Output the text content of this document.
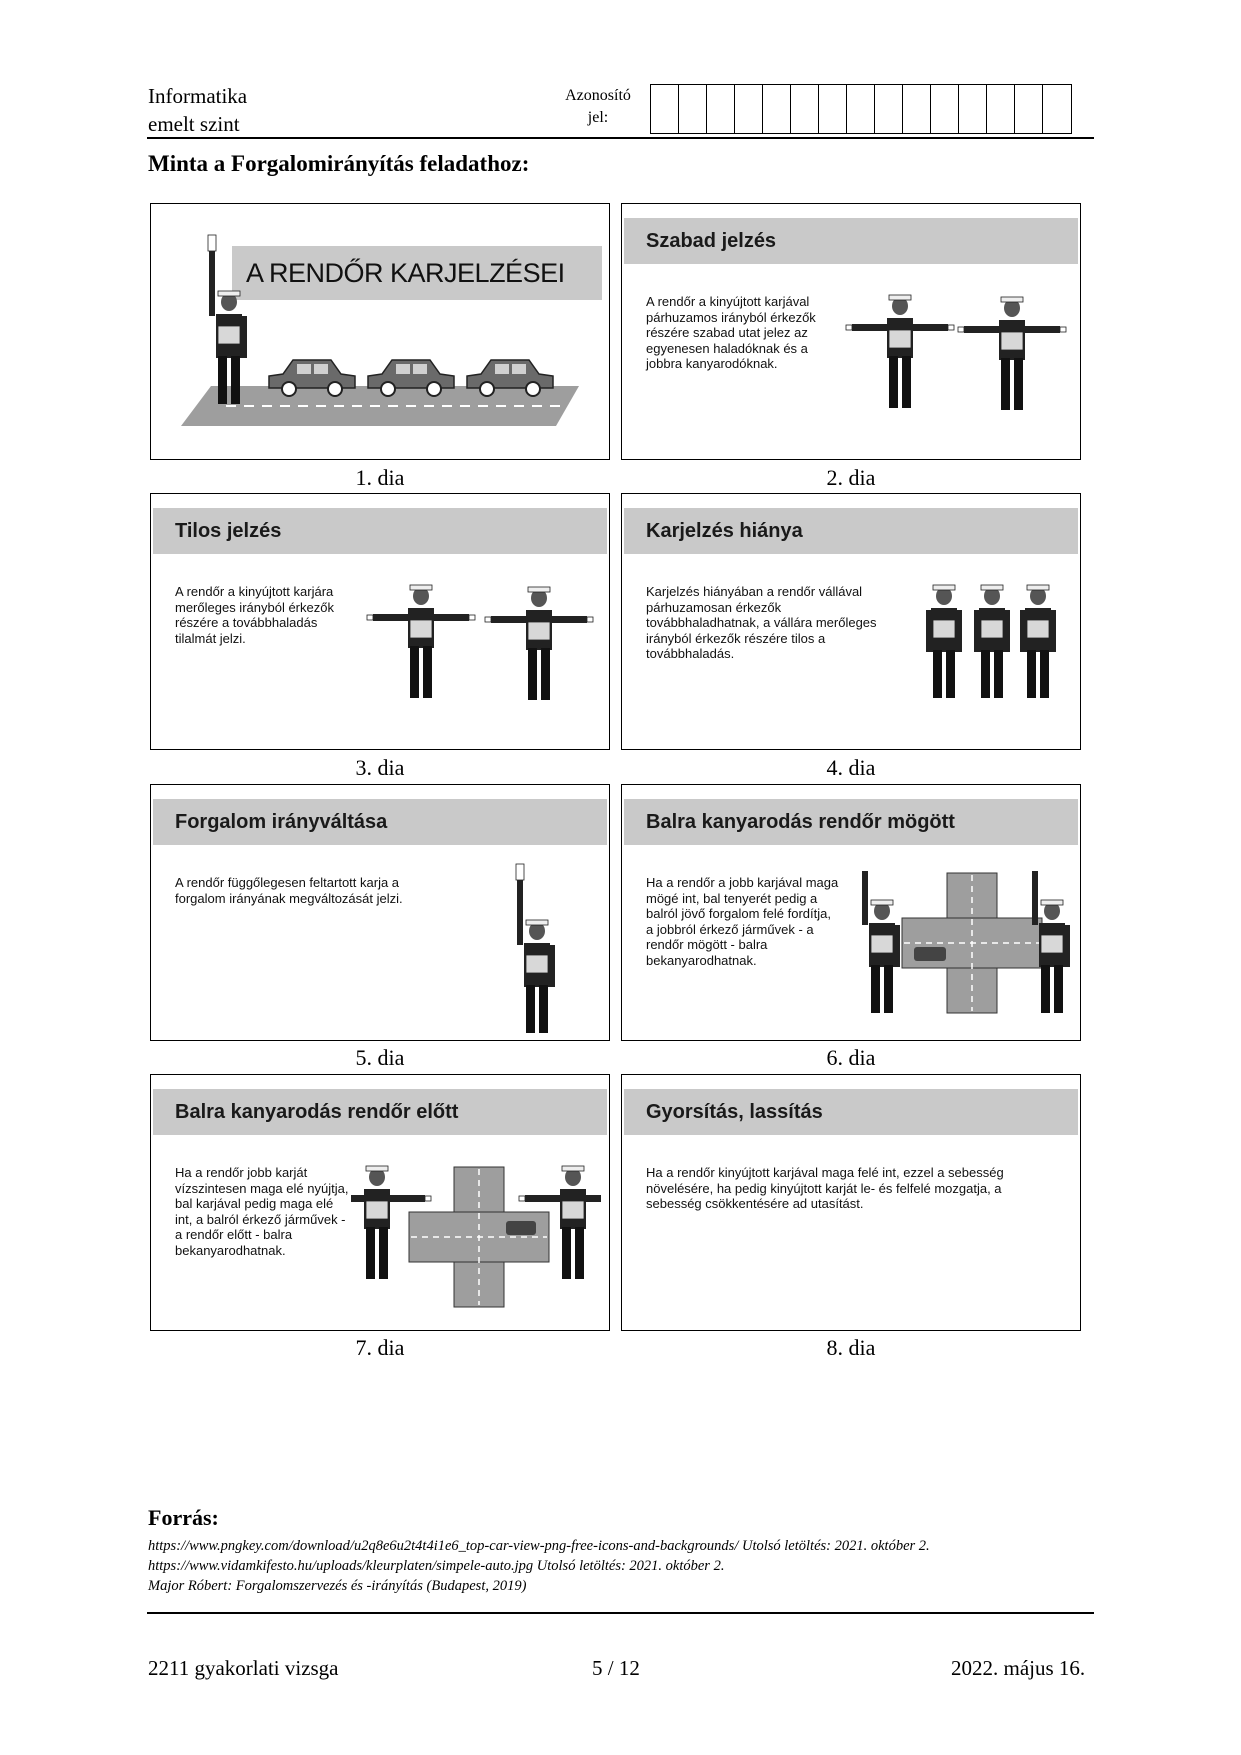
Informatika
emelt szint
Azonosító
jel:
Minta a Forgalomirányítás feladathoz:
A RENDŐR KARJELZÉSEI
1. dia
Szabad jelzés
A rendőr a kinyújtott karjával
párhuzamos irányból érkezők
részére szabad utat jelez az
egyenesen haladóknak és a
jobbra kanyarodóknak.
2. dia
Tilos jelzés
A rendőr a kinyújtott karjára
merőleges irányból érkezők
részére a továbbhaladás
tilalmát jelzi.
3. dia
Karjelzés hiánya
Karjelzés hiányában a rendőr vállával
párhuzamosan érkezők
továbbhaladhatnak, a vállára merőleges
irányból érkezők részére tilos a
továbbhaladás.
4. dia
Forgalom irányváltása
A rendőr függőlegesen feltartott karja a
forgalom irányának megváltozását jelzi.
5. dia
Balra kanyarodás rendőr mögött
Ha a rendőr a jobb karjával maga
mögé int, bal tenyerét pedig a
balról jövő forgalom felé fordítja,
a jobbról érkező járművek - a
rendőr mögött - balra
bekanyarodhatnak.
6. dia
Balra kanyarodás rendőr előtt
Ha a rendőr jobb karját
vízszintesen maga elé nyújtja,
bal karjával pedig maga elé
int, a balról érkező járművek -
a rendőr előtt - balra
bekanyarodhatnak.
7. dia
Gyorsítás, lassítás
Ha a rendőr kinyújtott karjával maga felé int, ezzel a sebesség
növelésére, ha pedig kinyújtott karját le- és felfelé mozgatja, a
sebesség csökkentésére ad utasítást.
8. dia
Forrás:
https://www.pngkey.com/download/u2q8e6u2t4t4i1e6_top-car-view-png-free-icons-and-backgrounds/ Utolsó letöltés: 2021. október 2.
https://www.vidamkifesto.hu/uploads/kleurplaten/simpele-auto.jpg Utolsó letöltés: 2021. október 2.
Major Róbert: Forgalomszervezés és -irányítás (Budapest, 2019)
2211 gyakorlati vizsga	5 / 12	2022. május 16.
